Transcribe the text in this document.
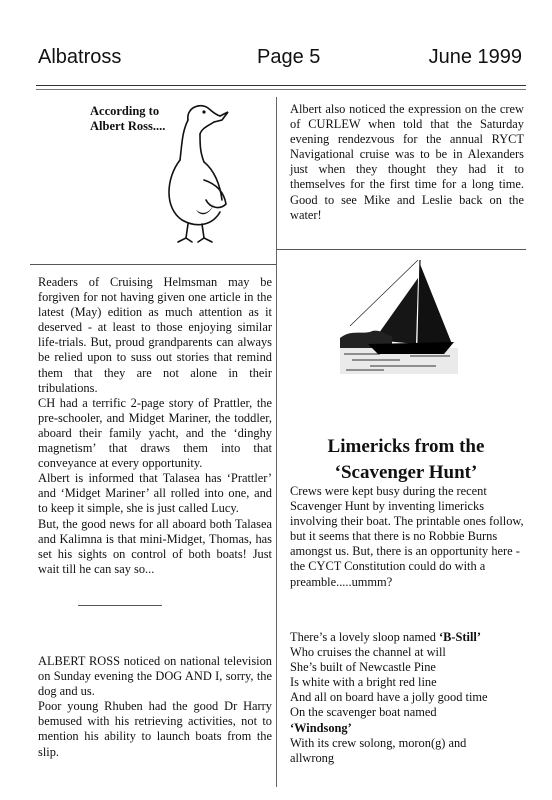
Albatross	Page 5	June 1999
According to
Albert Ross....

Readers of Cruising Helmsman may be forgiven for not having given one article in the latest (May) edition as much attention as it deserved - at least to those enjoying similar life-trials. But, proud grandparents can always be relied upon to suss out stories that remind them that they are not alone in their tribulations.

CH had a terrific 2-page story of Prattler, the pre-schooler, and Midget Mariner, the toddler, aboard their family yacht, and the ‘dinghy magnetism’ that draws them into that conveyance at every opportunity.

Albert is informed that Talasea has ‘Prattler’ and ‘Midget Mariner’ all rolled into one, and to keep it simple, she is just called Lucy.

But, the good news for all aboard both Talasea and Kalimna is that mini-Midget, Thomas, has set his sights on control of both boats! Just wait till he can say so...

ALBERT ROSS noticed on national television on Sunday evening the DOG AND I, sorry, the dog and us.

Poor young Rhuben had the good Dr Harry bemused with his retrieving activities, not to mention his ability to launch boats from the slip.

Albert also noticed the expression on the crew of CURLEW when told that the Saturday evening rendezvous for the annual RYCT Navigational cruise was to be in Alexanders just when they thought they had it to themselves for the first time for a long time. Good to see Mike and Leslie back on the water!

Limericks from the
‘Scavenger Hunt’

Crews were kept busy during the recent Scavenger Hunt by inventing limericks involving their boat. The printable ones follow, but it seems that there is no Robbie Burns amongst us. But, there is an opportunity here - the CYCT Constitution could do with a preamble.....ummm?

There’s a lovely sloop named ‘B-Still’
Who cruises the channel at will
She’s built of Newcastle Pine
Is white with a bright red line
And all on board have a jolly good time
On the scavenger boat named
‘Windsong’
With its crew solong, moron(g) and
allwrong
